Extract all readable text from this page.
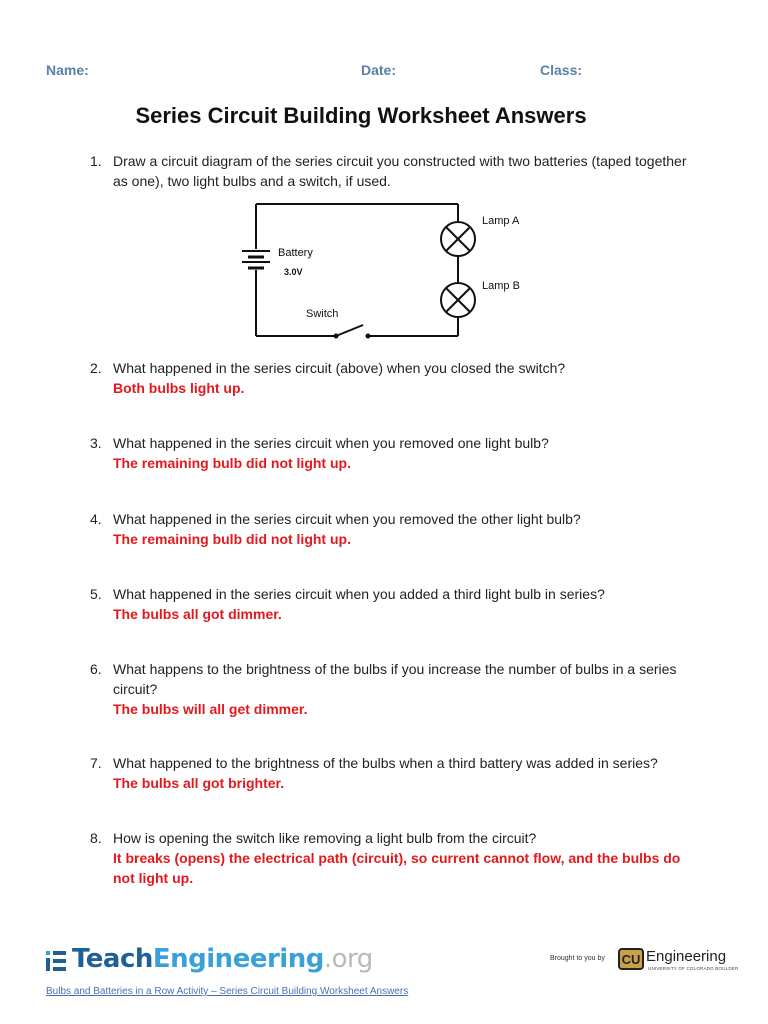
Name:	Date:	Class:
Series Circuit Building Worksheet Answers
1. Draw a circuit diagram of the series circuit you constructed with two batteries (taped together as one), two light bulbs and a switch, if used.
Battery
3.0V
Switch
Lamp A
Lamp B
2. What happened in the series circuit (above) when you closed the switch?
Both bulbs light up.
3. What happened in the series circuit when you removed one light bulb?
The remaining bulb did not light up.
4. What happened in the series circuit when you removed the other light bulb?
The remaining bulb did not light up.
5. What happened in the series circuit when you added a third light bulb in series?
The bulbs all got dimmer.
6. What happens to the brightness of the bulbs if you increase the number of bulbs in a series circuit?
The bulbs will all get dimmer.
7. What happened to the brightness of the bulbs when a third battery was added in series?
The bulbs all got brighter.
8. How is opening the switch like removing a light bulb from the circuit?
It breaks (opens) the electrical path (circuit), so current cannot flow, and the bulbs do not light up.
TeachEngineering.org	Brought to you by CU Engineering
UNIVERSITY OF COLORADO BOULDER
Bulbs and Batteries in a Row Activity – Series Circuit Building Worksheet Answers
